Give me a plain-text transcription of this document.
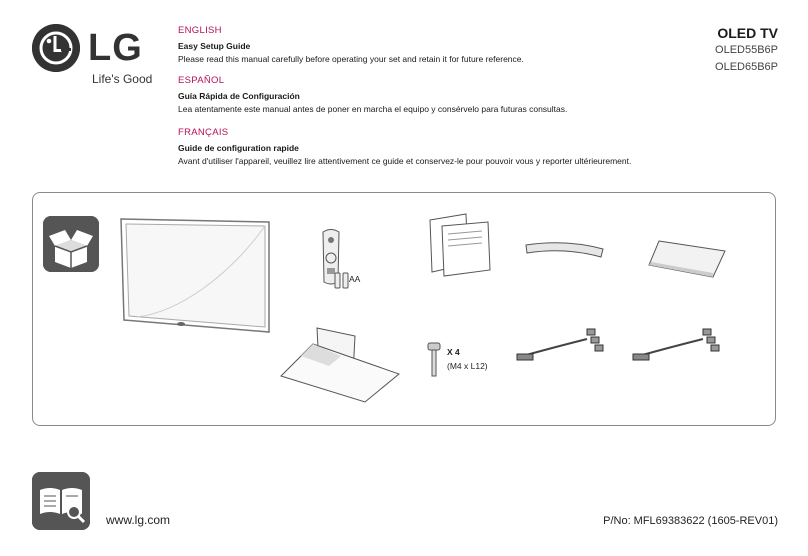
LG
Life's Good
ENGLISH
Easy Setup Guide
Please read this manual carefully before operating your set and retain it for future reference.
ESPAÑOL
Guía Rápida de Configuración
Lea atentamente este manual antes de poner en marcha el equipo y consérvelo para futuras consultas.
FRANÇAIS
Guide de configuration rapide
Avant d'utiliser l'appareil, veuillez lire attentivement ce guide et conservez-le pour pouvoir vous y reporter ultérieurement.
OLED TV
OLED55B6P
OLED65B6P
AA
X 4
(M4 x L12)
www.lg.com	P/No: MFL69383622 (1605-REV01)
